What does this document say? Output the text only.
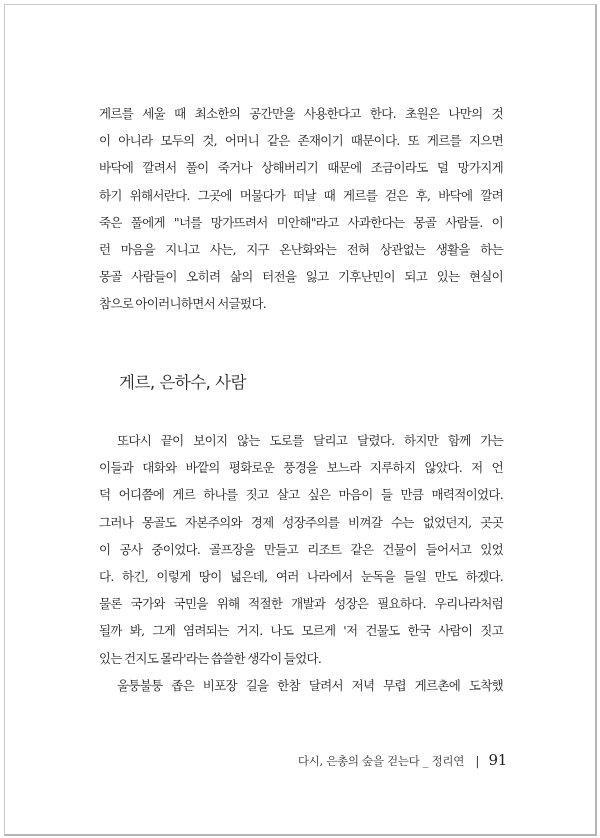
게르를 세울 때 최소한의 공간만을 사용한다고 한다. 초원은 나만의 것
이 아니라 모두의 것, 어머니 같은 존재이기 때문이다. 또 게르를 지으면
바닥에 깔려서 풀이 죽거나 상해버리기 때문에 조금이라도 덜 망가지게
하기 위해서란다. 그곳에 머물다가 떠날 때 게르를 걷은 후, 바닥에 깔려
죽은 풀에게 "너를 망가뜨려서 미안해"라고 사과한다는 몽골 사람들. 이
런 마음을 지니고 사는, 지구 온난화와는 전혀 상관없는 생활을 하는
몽골 사람들이 오히려 삶의 터전을 잃고 기후난민이 되고 있는 현실이
참으로 아이러니하면서 서글펐다.
게르, 은하수, 사람
또다시 끝이 보이지 않는 도로를 달리고 달렸다. 하지만 함께 가는
이들과 대화와 바깥의 평화로운 풍경을 보느라 지루하지 않았다. 저 언
덕 어디쯤에 게르 하나를 짓고 살고 싶은 마음이 들 만큼 매력적이었다.
그러나 몽골도 자본주의와 경제 성장주의를 비껴갈 수는 없었던지, 곳곳
이 공사 중이었다. 골프장을 만들고 리조트 같은 건물이 들어서고 있었
다. 하긴, 이렇게 땅이 넓은데, 여러 나라에서 눈독을 들일 만도 하겠다.
물론 국가와 국민을 위해 적절한 개발과 성장은 필요하다. 우리나라처럼
될까 봐, 그게 염려되는 거지. 나도 모르게 '저 건물도 한국 사람이 짓고
있는 건지도 몰라'라는 씁쓸한 생각이 들었다.
울퉁불퉁 좁은 비포장 길을 한참 달려서 저녁 무렵 게르촌에 도착했
다시, 은총의 숲을 걷는다 _ 정리연 | 91
